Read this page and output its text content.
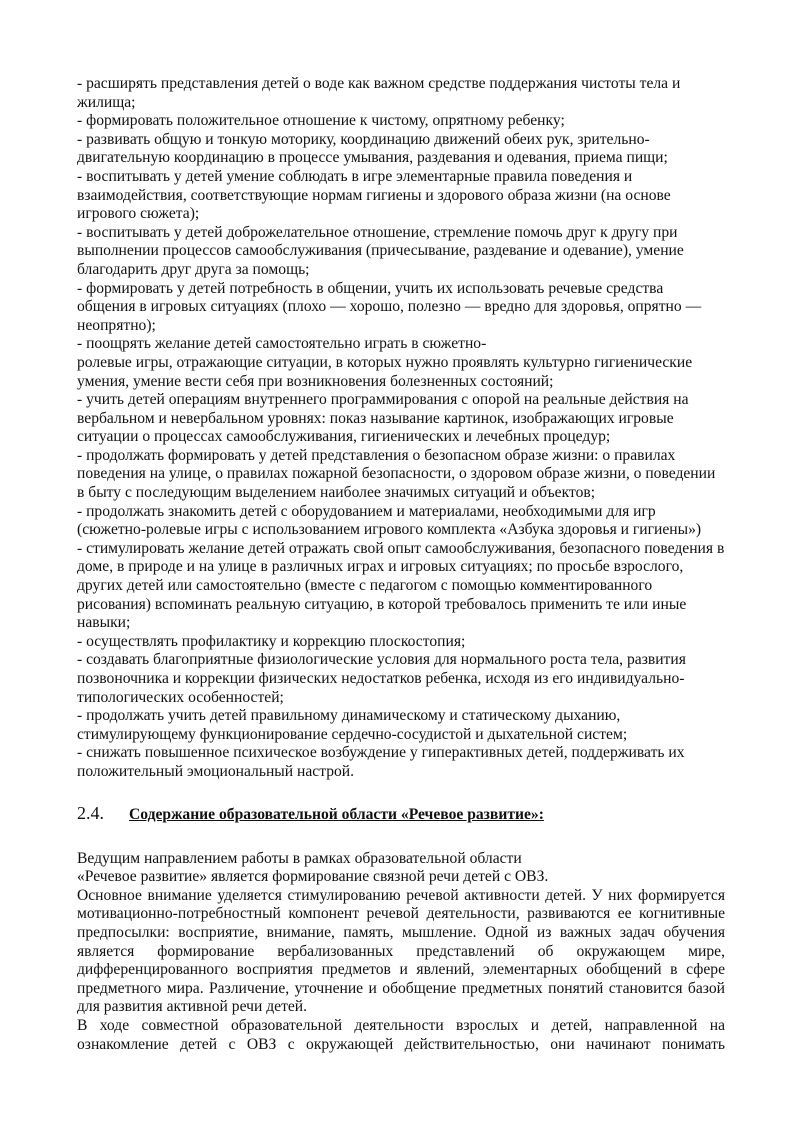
- расширять представления детей о воде как важном средстве поддержания чистоты тела и жилища;

- формировать положительное отношение к чистому, опрятному ребенку;

- развивать общую и тонкую моторику, координацию движений обеих рук, зрительно-двигательную координацию в процессе умывания, раздевания и одевания, приема пищи;

- воспитывать у детей умение соблюдать в игре элементарные правила поведения и взаимодействия, соответствующие нормам гигиены и здорового образа жизни (на основе игрового сюжета);

- воспитывать у детей доброжелательное отношение, стремление помочь друг к другу при выполнении процессов самообслуживания (причесывание, раздевание и одевание), умение благодарить друг друга за помощь;

- формировать у детей потребность в общении, учить их использовать речевые средства общения в игровых ситуациях (плохо — хорошо, полезно — вредно для здоровья, опрятно — неопрятно);

- поощрять желание детей самостоятельно играть в сюжетно-

ролевые игры, отражающие ситуации, в которых нужно проявлять культурно гигиенические умения, умение вести себя при возникновения болезненных состояний;

- учить детей операциям внутреннего программирования с опорой на реальные действия на вербальном и невербальном уровнях: показ называние картинок, изображающих игровые ситуации о процессах самообслуживания, гигиенических и лечебных процедур;

- продолжать формировать у детей представления о безопасном образе жизни: о правилах поведения на улице, о правилах пожарной безопасности, о здоровом образе жизни, о поведении в быту с последующим выделением наиболее значимых ситуаций и объектов;

- продолжать знакомить детей с оборудованием и материалами, необходимыми для игр (сюжетно-ролевые игры с использованием игрового комплекта «Азбука здоровья и гигиены»)

- стимулировать желание детей отражать свой опыт самообслуживания, безопасного поведения в доме, в природе и на улице в различных играх и игровых ситуациях; по просьбе взрослого, других детей или самостоятельно (вместе с педагогом с помощью комментированного рисования) вспоминать реальную ситуацию, в которой требовалось применить те или иные навыки;

- осуществлять профилактику и коррекцию плоскостопия;

- создавать благоприятные физиологические условия для нормального роста тела, развития позвоночника и коррекции физических недостатков ребенка, исходя из его индивидуально-типологических особенностей;

- продолжать учить детей правильному динамическому и статическому дыханию, стимулирующему функционирование сердечно-сосудистой и дыхательной систем;

- снижать повышенное психическое возбуждение у гиперактивных детей, поддерживать их положительный эмоциональный настрой.

2.4. Содержание образовательной области «Речевое развитие»:

Ведущим направлением работы в рамках образовательной области

«Речевое развитие» является формирование связной речи детей с ОВЗ.

Основное внимание уделяется стимулированию речевой активности детей. У них формируется мотивационно-потребностный компонент речевой деятельности, развиваются ее когнитивные предпосылки: восприятие, внимание, память, мышление. Одной из важных задач обучения является формирование вербализованных представлений об окружающем мире, дифференцированного восприятия предметов и явлений, элементарных обобщений в сфере предметного мира. Различение, уточнение и обобщение предметных понятий становится базой для развития активной речи детей.

В ходе совместной образовательной деятельности взрослых и детей, направленной на ознакомление детей с ОВЗ с окружающей действительностью, они начинают понимать
